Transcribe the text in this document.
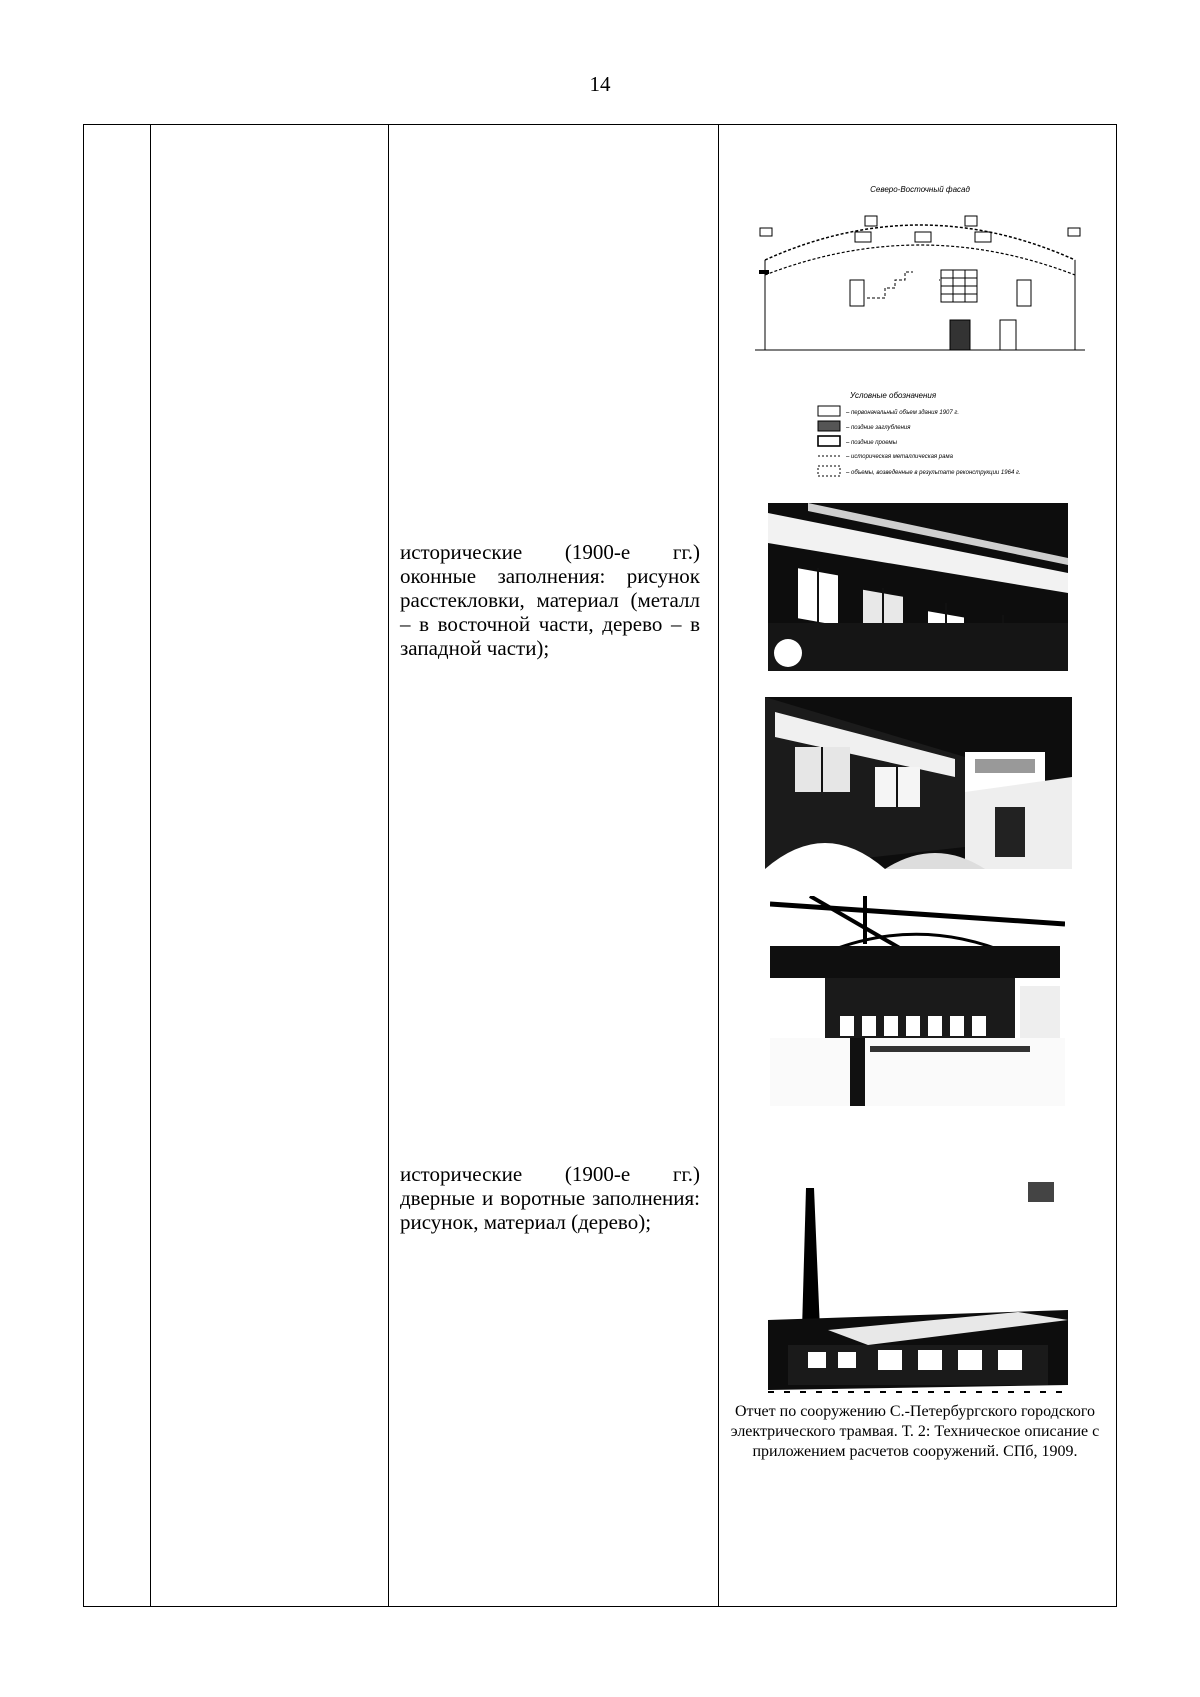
14
исторические (1900-е гг.) оконные заполнения: рисунок расстекловки, материал (металл – в восточной части, дерево – в западной части);
исторические (1900-е гг.) дверные и воротные заполнения: рисунок, материал (дерево);
Северо-Восточный фасад
Условные обозначения
– первоначальный объем здания 1907 г.
– поздние заглубления
– поздние проемы
– историческая металлическая рама
– объемы, возведенные в результате реконструкции 1964 г.
Отчет по сооружению С.-Петербургского городского электрического трамвая. Т. 2: Техническое описание с приложением расчетов сооружений. СПб, 1909.
